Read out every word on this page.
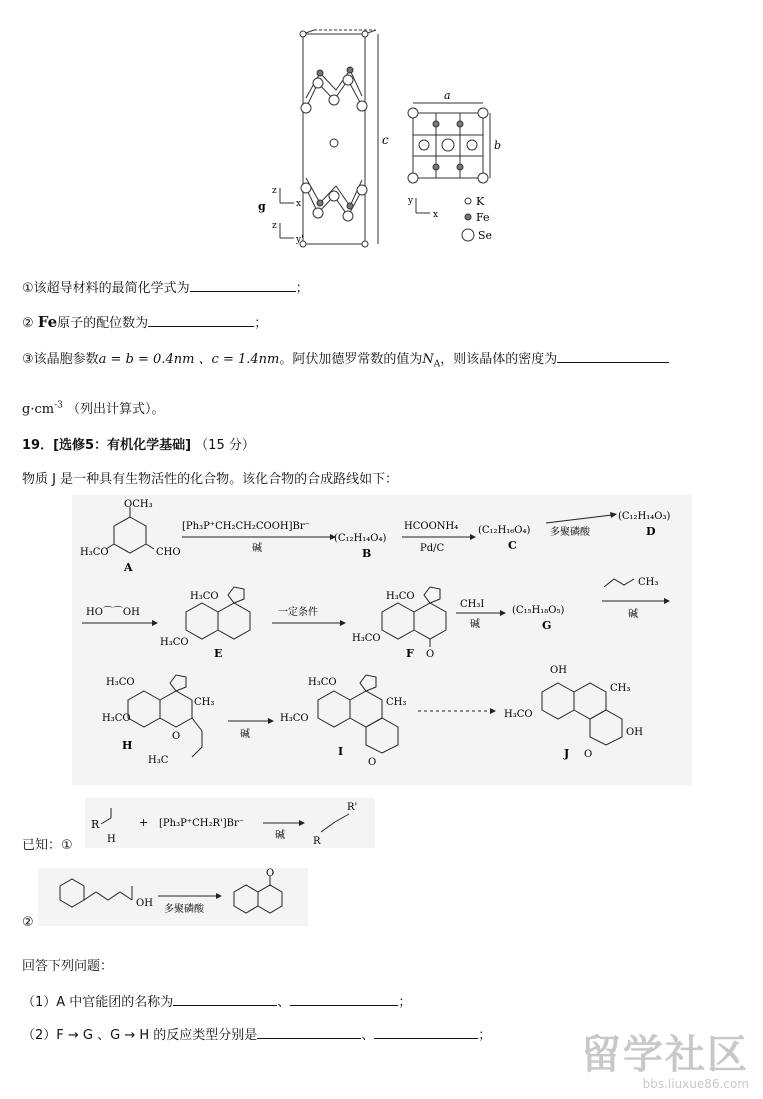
c
z
x
g
z
y'
a
b
y
x
K
Fe
Se
①该超导材料的最简化学式为	；
② Fe原子的配位数为	；
③该晶胞参数a = b = 0.4nm 、c = 1.4nm。阿伏加德罗常数的值为$N_A$，则该晶体的密度为
$g\cdot cm^{-3}$ （列出计算式）。
19．[选修5：有机化学基础] （15 分）
物质 J 是一种具有生物活性的化合物。该化合物的合成路线如下：
OCH₃
H₃CO	CHO
A
[Ph₃P⁺CH₂CH₂COOH]Br⁻
碱
(C₁₂H₁₄O₄)
B
HCOONH₄
Pd/C
(C₁₂H₁₆O₄)
C
多聚磷酸
(C₁₂H₁₄O₃)
D
HO⌒⌒OH
H₃CO
H₃CO
E
一定条件
H₃CO
H₃CO
O
F
CH₃I
碱
(C₁₅H₁₈O₅)
G
CH₃
碱
H₃CO
H₃CO
CH₃
O
H₃C
H
碱
H₃CO
H₃CO
CH₃
O
I
OH
H₃CO
CH₃
OH
O
J
R
H
+ [Ph₃P⁺CH₂R']Br⁻
碱
R
R'
已知：①
OH
多聚磷酸
O
②
回答下列问题：
（1）A 中官能团的名称为	、	；
（2）F → G 、G → H 的反应类型分别是	、	； 留学社区
bbs.liuxue86.com
